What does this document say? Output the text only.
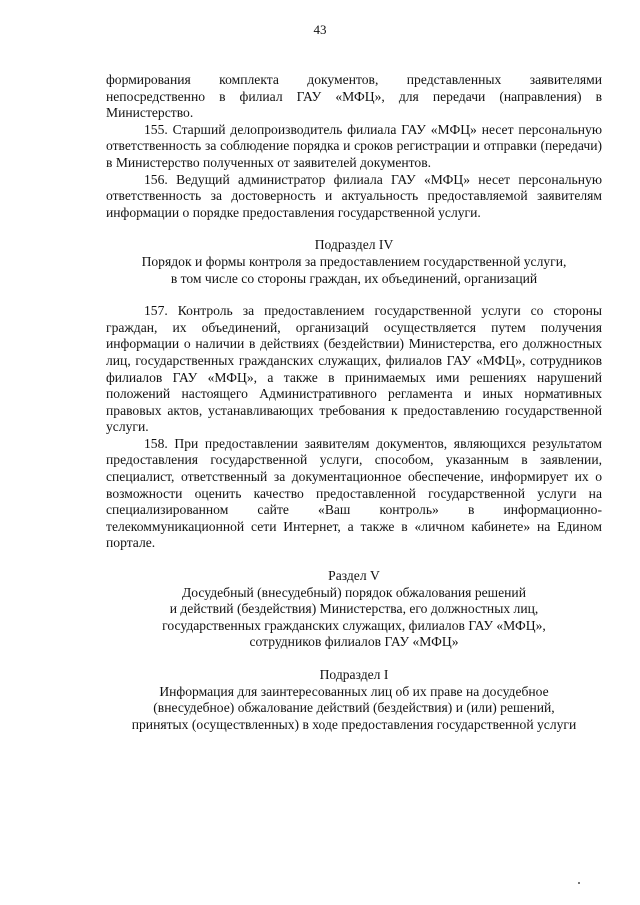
43

формирования комплекта документов, представленных заявителями непосредственно в филиал ГАУ «МФЦ», для передачи (направления) в Министерство.

155. Старший делопроизводитель филиала ГАУ «МФЦ» несет персональную ответственность за соблюдение порядка и сроков регистрации и отправки (передачи) в Министерство полученных от заявителей документов.

156. Ведущий администратор филиала ГАУ «МФЦ» несет персональную ответственность за достоверность и актуальность предоставляемой заявителям информации о порядке предоставления государственной услуги.

Подраздел IV

Порядок и формы контроля за предоставлением государственной услуги,

в том числе со стороны граждан, их объединений, организаций

157. Контроль за предоставлением государственной услуги со стороны граждан, их объединений, организаций осуществляется путем получения информации о наличии в действиях (бездействии) Министерства, его должностных лиц, государственных гражданских служащих, филиалов ГАУ «МФЦ», сотрудников филиалов ГАУ «МФЦ», а также в принимаемых ими решениях нарушений положений настоящего Административного регламента и иных нормативных правовых актов, устанавливающих требования к предоставлению государственной услуги.

158. При предоставлении заявителям документов, являющихся результатом предоставления государственной услуги, способом, указанным в заявлении, специалист, ответственный за документационное обеспечение, информирует их о возможности оценить качество предоставленной государственной услуги на специализированном сайте «Ваш контроль» в информационно-телекоммуникационной сети Интернет, а также в «личном кабинете» на Едином портале.

Раздел V

Досудебный (внесудебный) порядок обжалования решений

и действий (бездействия) Министерства, его должностных лиц,

государственных гражданских служащих, филиалов ГАУ «МФЦ»,

сотрудников филиалов ГАУ «МФЦ»

Подраздел I

Информация для заинтересованных лиц об их праве на досудебное

(внесудебное) обжалование действий (бездействия) и (или) решений,

принятых (осуществленных) в ходе предоставления государственной услуги
